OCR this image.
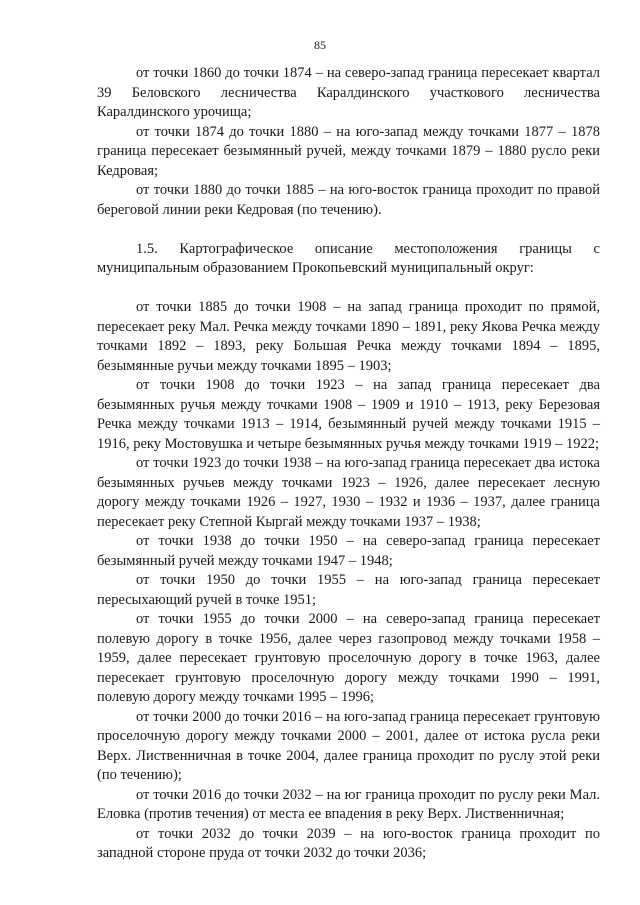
85

от точки 1860 до точки 1874 – на северо-запад граница пересекает квартал 39 Беловского лесничества Каралдинского участкового лесничества Каралдинского урочища;

от точки 1874 до точки 1880 – на юго-запад между точками 1877 – 1878 граница пересекает безымянный ручей, между точками 1879 – 1880 русло реки Кедровая;

от точки 1880 до точки 1885 – на юго-восток граница проходит по правой береговой линии реки Кедровая (по течению).

1.5. Картографическое описание местоположения границы с муниципальным образованием Прокопьевский муниципальный округ:

от точки 1885 до точки 1908 – на запад граница проходит по прямой, пересекает реку Мал. Речка между точками 1890 – 1891, реку Якова Речка между точками 1892 – 1893, реку Большая Речка между точками 1894 – 1895, безымянные ручьи между точками 1895 – 1903;

от точки 1908 до точки 1923 – на запад граница пересекает два безымянных ручья между точками 1908 – 1909 и 1910 – 1913, реку Березовая Речка между точками 1913 – 1914, безымянный ручей между точками 1915 – 1916, реку Мостовушка и четыре безымянных ручья между точками 1919 – 1922;

от точки 1923 до точки 1938 – на юго-запад граница пересекает два истока безымянных ручьев между точками 1923 – 1926, далее пересекает лесную дорогу между точками 1926 – 1927, 1930 – 1932 и 1936 – 1937, далее граница пересекает реку Степной Кыргай между точками 1937 – 1938;

от точки 1938 до точки 1950 – на северо-запад граница пересекает безымянный ручей между точками 1947 – 1948;

от точки 1950 до точки 1955 – на юго-запад граница пересекает пересыхающий ручей в точке 1951;

от точки 1955 до точки 2000 – на северо-запад граница пересекает полевую дорогу в точке 1956, далее через газопровод между точками 1958 – 1959, далее пересекает грунтовую проселочную дорогу в точке 1963, далее пересекает грунтовую проселочную дорогу между точками 1990 – 1991, полевую дорогу между точками 1995 – 1996;

от точки 2000 до точки 2016 – на юго-запад граница пересекает грунтовую проселочную дорогу между точками 2000 – 2001, далее от истока русла реки Верх. Лиственничная в точке 2004, далее граница проходит по руслу этой реки (по течению);

от точки 2016 до точки 2032 – на юг граница проходит по руслу реки Мал. Еловка (против течения) от места ее впадения в реку Верх. Лиственничная;

от точки 2032 до точки 2039 – на юго-восток граница проходит по западной стороне пруда от точки 2032 до точки 2036;
